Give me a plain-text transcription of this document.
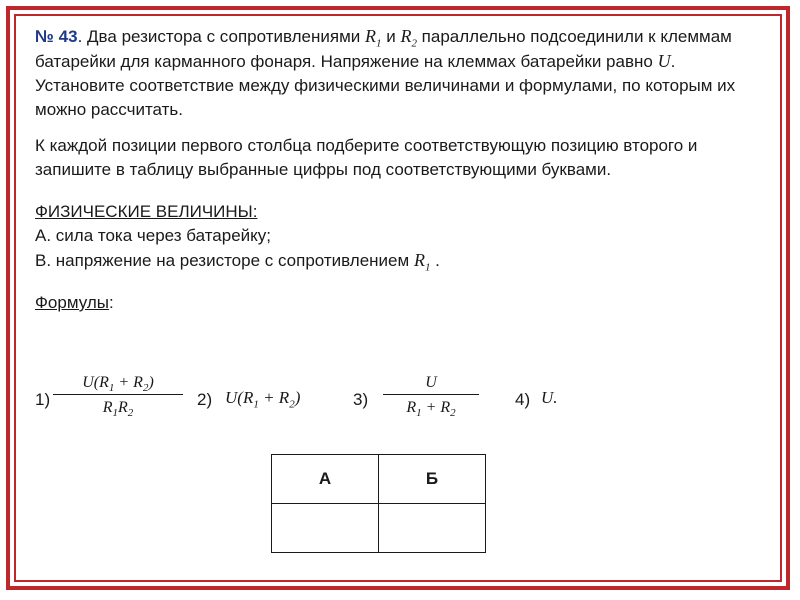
№ 43. Два резистора с сопротивлениями $R_1$ и $R_2$ параллельно подсоединили к клеммам батарейки для карманного фонаря. Напряжение на клеммах батарейки равно U. Установите соответствие между физическими величинами и формулами, по которым их можно рассчитать.

К каждой позиции первого столбца подберите соответствующую позицию второго и запишите в таблицу выбранные цифры под соответствующими буквами.

ФИЗИЧЕСКИЕ ВЕЛИЧИНЫ:
А. сила тока через батарейку;
В. напряжение на резисторе с сопротивлением $R_1$ .
Формулы:
1)
$U(R_1 + R_2)$
$R_1R_2$
2) $U(R_1 + R_2)$	3)
U
$R_1 + R_2$
4) U.
А	Б
